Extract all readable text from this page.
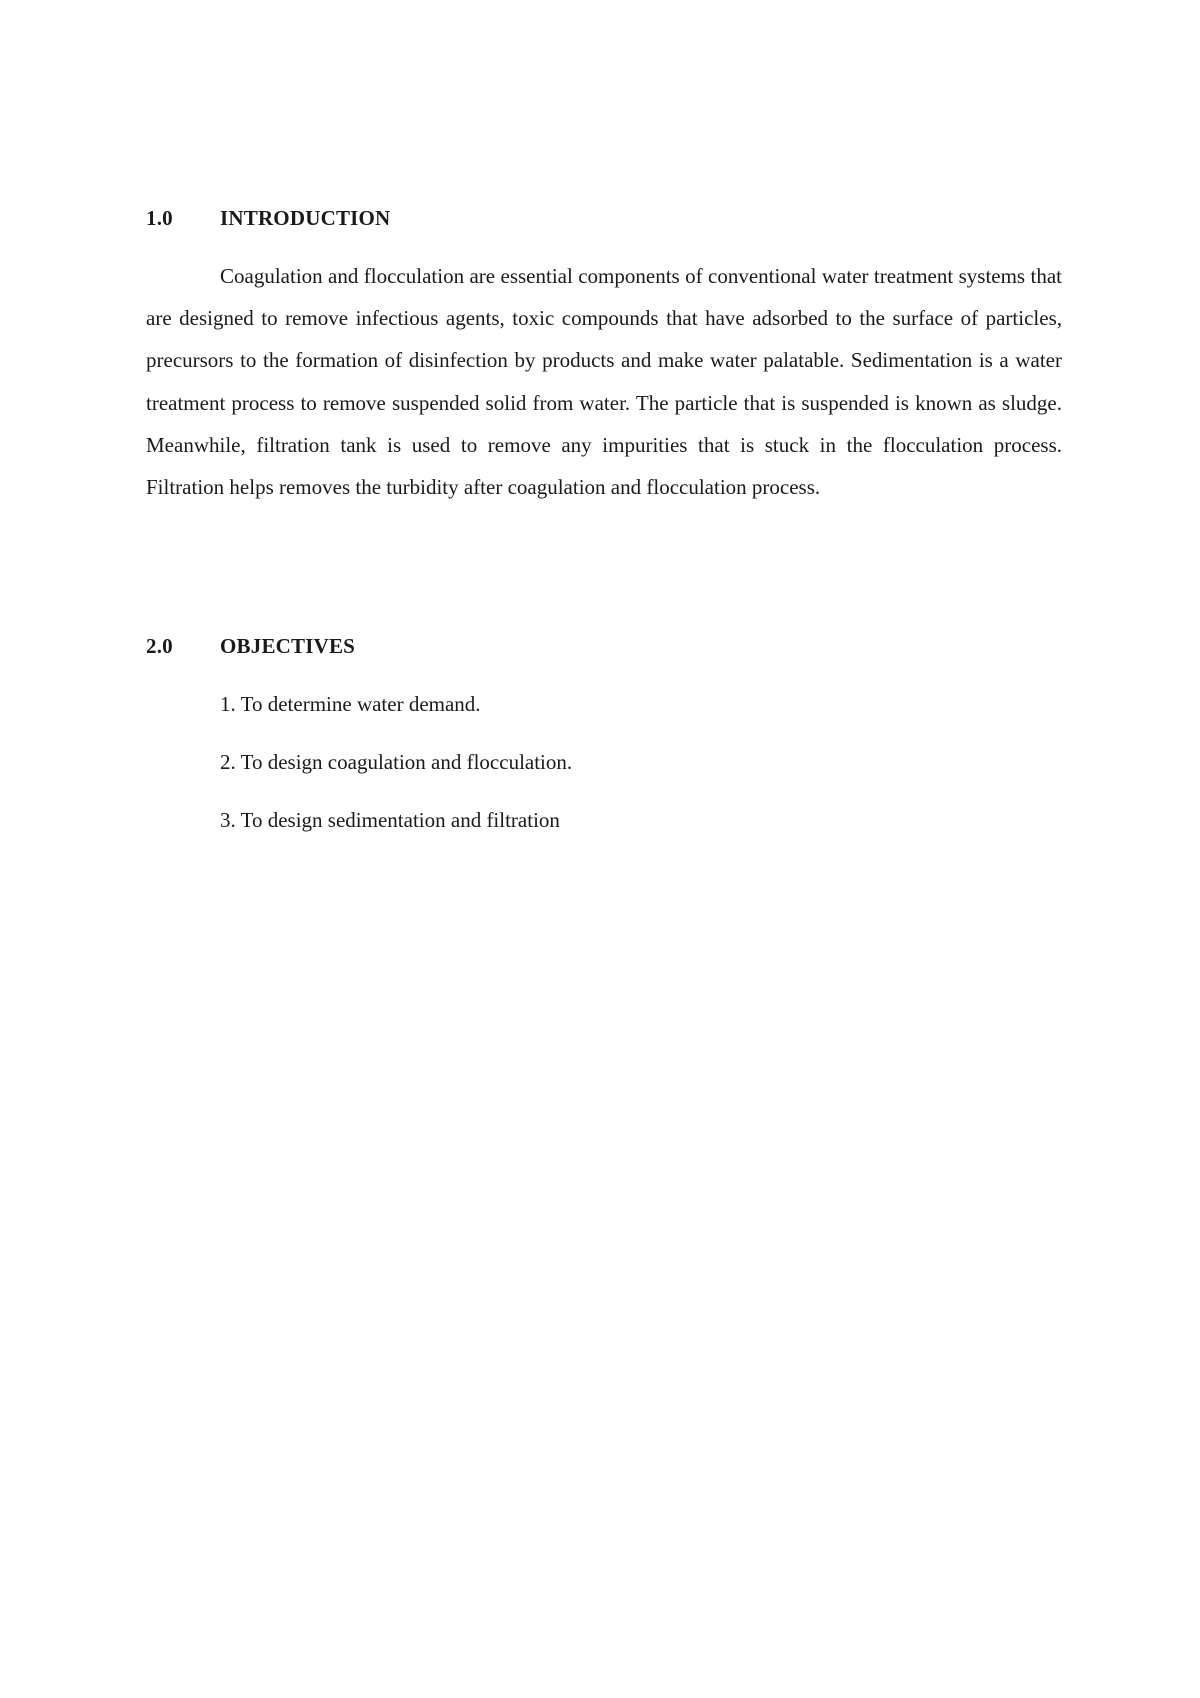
1.0	INTRODUCTION

Coagulation and flocculation are essential components of conventional water treatment systems that are designed to remove infectious agents, toxic compounds that have adsorbed to the surface of particles, precursors to the formation of disinfection by products and make water palatable. Sedimentation is a water treatment process to remove suspended solid from water. The particle that is suspended is known as sludge. Meanwhile, filtration tank is used to remove any impurities that is stuck in the flocculation process. Filtration helps removes the turbidity after coagulation and flocculation process.

2.0	OBJECTIVES
1. To determine water demand.
2. To design coagulation and flocculation.
3. To design sedimentation and filtration
